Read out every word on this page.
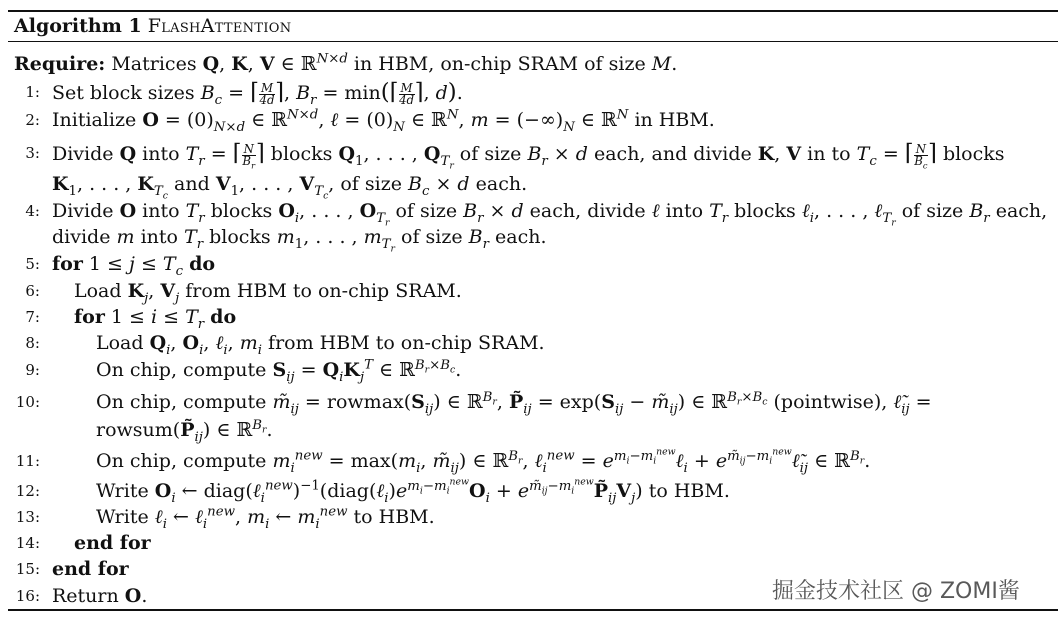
Algorithm 1 FlashAttention
Require: Matrices Q, K, V ∈ ℝ$^{N\times d}$ in HBM, on-chip SRAM of size M.
1: Set block sizes $B_c$ = ⌈ $\frac{M}{4d}$ ⌉, $B_r$ = min(⌈ $\frac{M}{4d}$ ⌉, d).
2: Initialize $O = (0)_{N\times d}$ ∈ ℝ$^{N\times d}$, ℓ = $(0)_N$ ∈ ℝ$^N$, $m = (-\infty)_N$ ∈ ℝ$^N$ in HBM.
3: Divide Q into $T_r$ = ⌈ $\frac{N}{B_r}$ ⌉ blocks $Q_1$, . . . , $Q_{T_r}$ of size $B_r \times d$ each, and divide K, V in to $T_c$ = ⌈ $\frac{N}{B_c}$ ⌉ blocks
$K_1$, . . . , $K_{T_c}$ and $V_1$, . . . , $V_{T_c}$, of size $B_c \times d$ each.
4: Divide O into $T_r$ blocks $O_i$, . . . , $O_{T_r}$ of size $B_r \times d$ each, divide ℓ into $T_r$ blocks ℓ$_i$, . . . , ℓ$_{T_r}$ of size $B_r$ each,
divide m into $T_r$ blocks $m_1$, . . . , $m_{T_r}$ of size $B_r$ each.
5: for $1 \le j \le T_c$ do
6: Load $K_j$, $V_j$ from HBM to on-chip SRAM.
7: for $1 \le i \le T_r$ do
8:	Load $Q_i$, $O_i$, ℓ$_i$, $m_i$ from HBM to on-chip SRAM.
9:	On chip, compute $S_{ij} = Q_iK_j^T$ ∈ ℝ$^{B_r\times B_c}$.
10:	On chip, compute $m̃_{ij} = rowmax(S_{ij})$ ∈ ℝ$^{B_r}$, $P̃_{ij} = \exp(S_{ij}$ − $m̃_{ij}$) ∈ ℝ$^{B_r\times B_c}$ (pointwise), $\ell̃_{ij}$ =
$rowsum(P̃_{ij})$ ∈ ℝ$^{B_r}$.
11:	On chip, compute $m_i^{new} = \max(m_i$, $m̃_{ij}$) ∈ ℝ$^{B_r}$, ℓ$_i^{new}$ = $e^{m_i-m_i^{new}}\ell_i$ + $e^{m̃_{ij}-m_i^{new}}\ell̃_{ij}$ ∈ ℝ$^{B_r}$.
12:	Write $O_i$ ← $diag(\ell_i^{new})^{-1}(diag(\ell_i)e^{m_i-m_i^{new}}O_i$ + $e^{m̃_{ij}-m_i^{new}}P̃_{ij}V_j$) to HBM.
13:	Write ℓ$_i$ ← ℓ$_i^{new}$, $m_i$ ← $m_i^{new}$ to HBM.
14: end for
15: end for
16: Return O.	掘金技术社区 @ ZOMI酱
